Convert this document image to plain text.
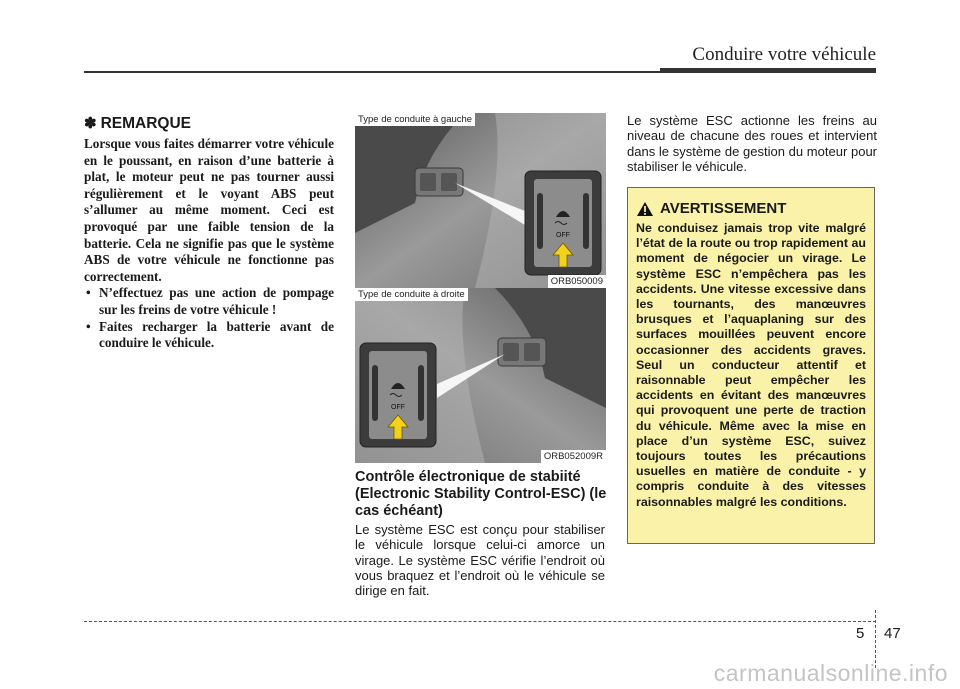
Conduire votre véhicule
✽ REMARQUE

Lorsque vous faites démarrer votre véhicule en le poussant, en raison d’une batterie à plat, le moteur peut ne pas tourner aussi régulièrement et le voyant ABS peut s’allumer au même moment. Ceci est provoqué par une faible tension de la batterie. Cela ne signifie pas que le système ABS de votre véhicule ne fonctionne pas correctement.

• N’effectuez pas une action de pompage sur les freins de votre véhicule !
• Faites recharger la batterie avant de conduire le véhicule.
OFF
Type de conduite à gauche
ORB050009
OFF
Type de conduite à droite
ORB052009R
Contrôle électronique de stabiité (Electronic Stability Control-ESC) (le cas échéant)

Le système ESC est conçu pour stabiliser le véhicule lorsque celui-ci amorce un virage. Le système ESC vérifie l’endroit où vous braquez et l’endroit où le véhicule se dirige en fait.

Le système ESC actionne les freins au niveau de chacune des roues et intervient dans le système de gestion du moteur pour stabiliser le véhicule.

AVERTISSEMENT

Ne conduisez jamais trop vite malgré l’état de la route ou trop rapidement au moment de négocier un virage. Le système ESC n’empêchera pas les accidents. Une vitesse excessive dans les tournants, des manœuvres brusques et l’aquaplaning sur des surfaces mouillées peuvent encore occasionner des accidents graves. Seul un conducteur attentif et raisonnable peut empêcher les accidents en évitant des manœuvres qui provoquent une perte de traction du véhicule. Même avec la mise en place d’un système ESC, suivez toujours toutes les précautions usuelles en matière de conduite - y compris conduite à des vitesses raisonnables malgré les conditions.

5 47
carmanualsonline.info
